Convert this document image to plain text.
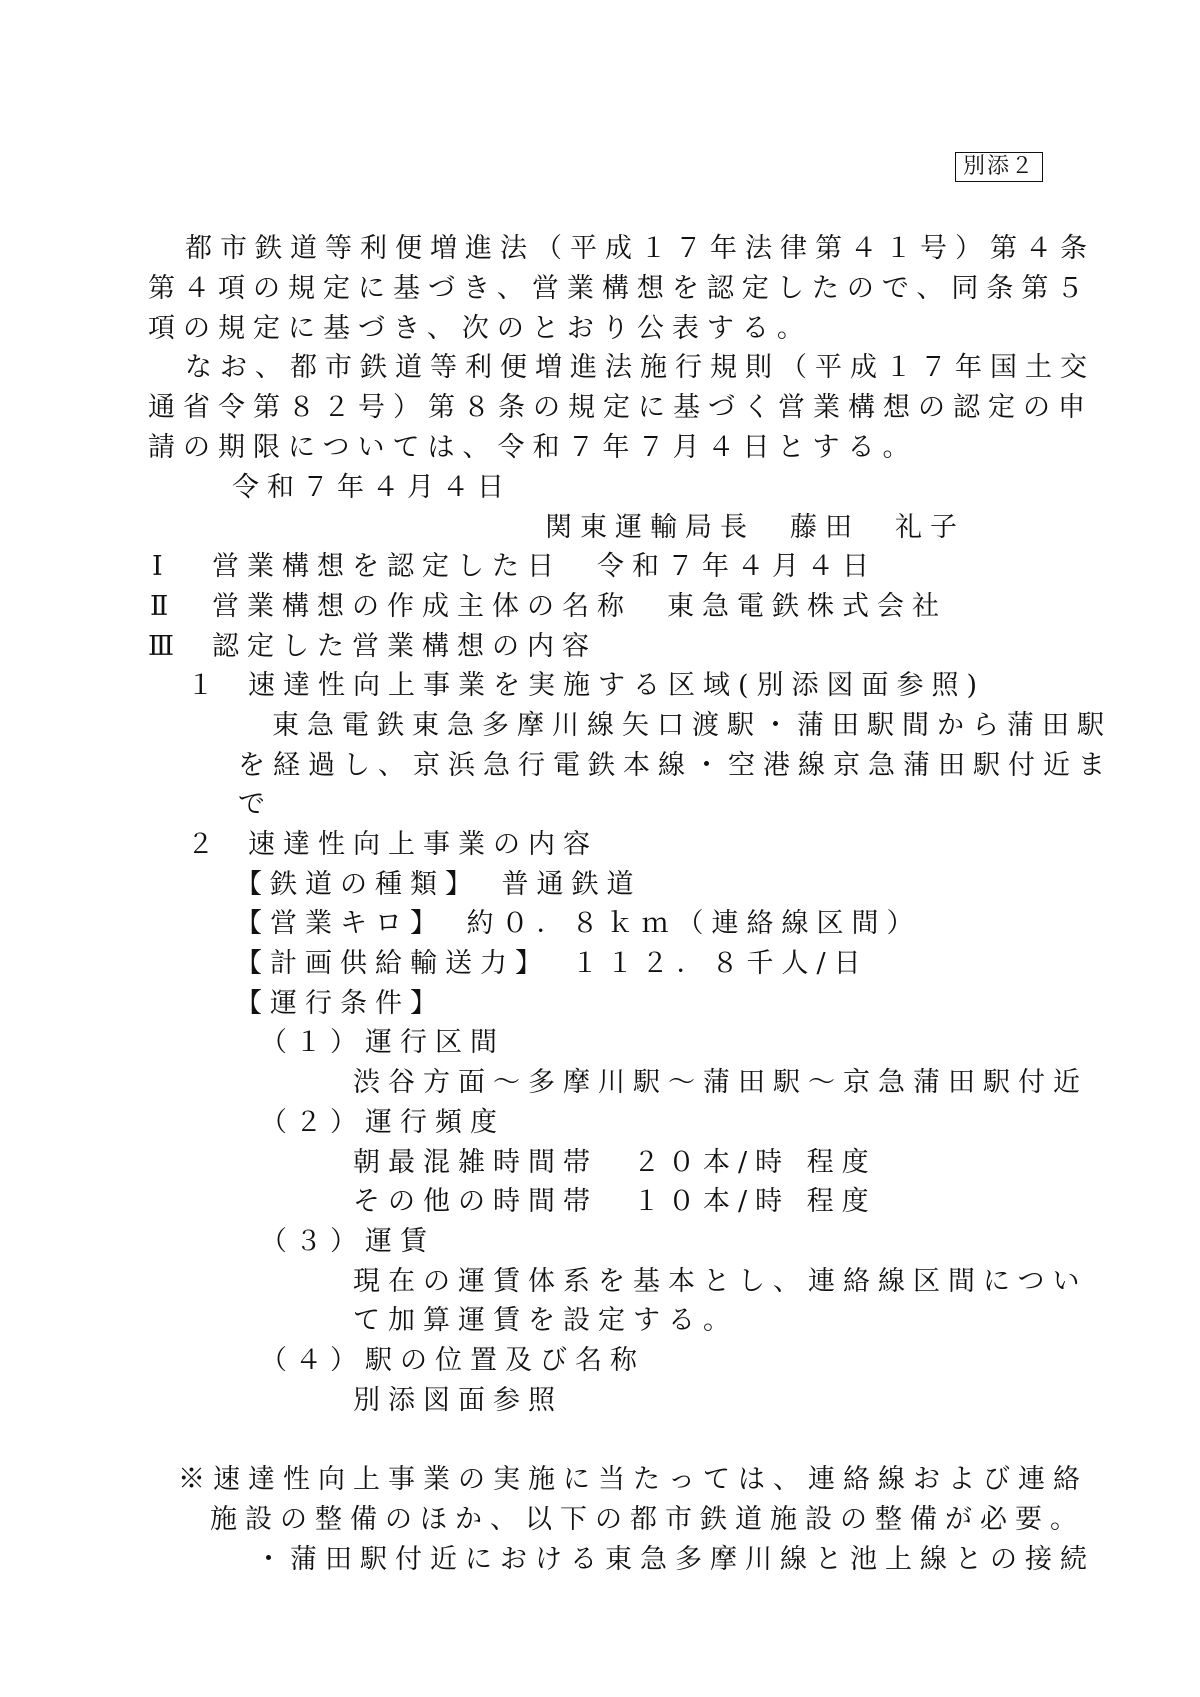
別添２
都市鉄道等利便増進法（平成１７年法律第４１号）第４条
第４項の規定に基づき、営業構想を認定したので、同条第５
項の規定に基づき、次のとおり公表する。
なお、都市鉄道等利便増進法施行規則（平成１７年国土交
通省令第８２号）第８条の規定に基づく営業構想の認定の申
請の期限については、令和７年７月４日とする。
令和７年４月４日
関東運輸局長　藤田　礼子
Ⅰ 営業構想を認定した日　令和７年４月４日
Ⅱ 営業構想の作成主体の名称　東急電鉄株式会社
Ⅲ 認定した営業構想の内容
１ 速達性向上事業を実施する区域(別添図面参照)
東急電鉄東急多摩川線矢口渡駅・蒲田駅間から蒲田駅
を経過し、京浜急行電鉄本線・空港線京急蒲田駅付近ま
で
２ 速達性向上事業の内容
【鉄道の種類】　普通鉄道
【営業キロ】　約０．８ｋｍ（連絡線区間）
【計画供給輸送力】　１１２．８千人/日
【運行条件】
（１）運行区間
渋谷方面～多摩川駅～蒲田駅～京急蒲田駅付近
（２）運行頻度
朝最混雑時間帯　２０本/時 程度
その他の時間帯　１０本/時 程度
（３）運賃
現在の運賃体系を基本とし、連絡線区間につい
て加算運賃を設定する。
（４）駅の位置及び名称
別添図面参照
※速達性向上事業の実施に当たっては、連絡線および連絡
施設の整備のほか、以下の都市鉄道施設の整備が必要。
・蒲田駅付近における東急多摩川線と池上線との接続
